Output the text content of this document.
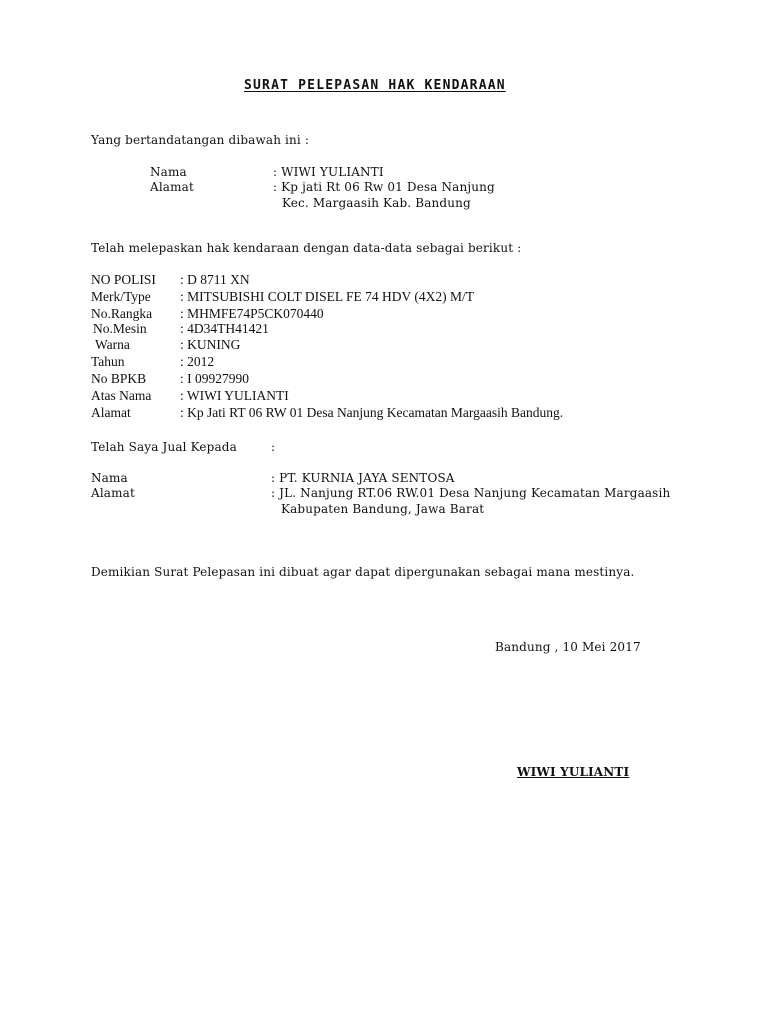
SURAT PELEPASAN HAK KENDARAAN
Yang bertandatangan dibawah ini :
Nama	: WIWI YULIANTI
Alamat	: Kp jati Rt 06 Rw 01 Desa Nanjung
Kec. Margaasih Kab. Bandung
Telah melepaskan hak kendaraan dengan data-data sebagai berikut :
NO POLISI : D 8711 XN
Merk/Type : MITSUBISHI COLT DISEL FE 74 HDV (4X2) M/T
No.Rangka : MHMFE74P5CK070440
No.Mesin : 4D34TH41421
Warna	: KUNING
Tahun	: 2012
No BPKB	: I 09927990
Atas Nama : WIWI YULIANTI
Alamat	: Kp Jati RT 06 RW 01 Desa Nanjung Kecamatan Margaasih Bandung.
Telah Saya Jual Kepada	:
Nama	: PT. KURNIA JAYA SENTOSA
Alamat	: JL. Nanjung RT.06 RW.01 Desa Nanjung Kecamatan Margaasih
Kabupaten Bandung, Jawa Barat
Demikian Surat Pelepasan ini dibuat agar dapat dipergunakan sebagai mana mestinya.
Bandung , 10 Mei 2017
WIWI YULIANTI
